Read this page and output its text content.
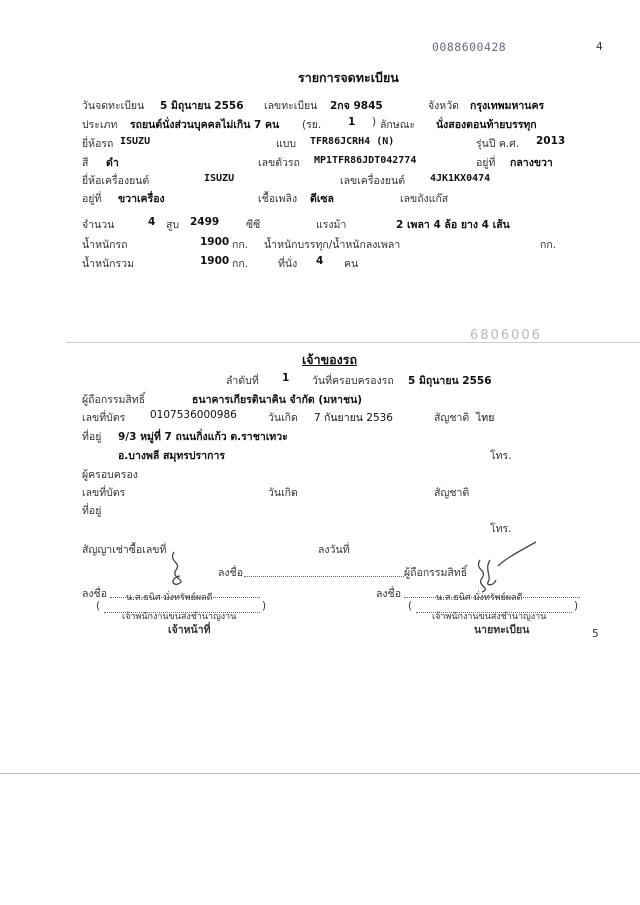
0088600428	4
รายการจดทะเบียน
วันจดทะเบียน 5 มิถุนายน 2556 เลขทะเบียน 2กจ 9845	จังหวัด กรุงเทพมหานคร
ประเภท รถยนต์นั่งส่วนบุคคลไม่เกิน 7 คน (รย.	1 ) ลักษณะ นั่งสองตอนท้ายบรรทุก
ยี่ห้อรถ ISUZU	แบบ TFR86JCRH4 (N)	รุ่นปี ค.ศ. 2013
สี ดำ	เลขตัวรถ MP1TFR86JDT042774	อยู่ที่ กลางขวา
ยี่ห้อเครื่องยนต์	ISUZU	เลขเครื่องยนต์ 4JK1KX0474
อยู่ที่ ขวาเครื่อง	เชื้อเพลิง ดีเซล	เลขถังแก๊ส
จำนวน	4 สูบ 2499	ซีซี	แรงม้า	2 เพลา 4 ล้อ ยาง 4 เส้น
น้ำหนักรถ	1900 กก. น้ำหนักบรรทุก/น้ำหนักลงเพลา	กก.
น้ำหนักรวม	1900 กก.	ที่นั่ง 4 คน
6806006
เจ้าของรถ
ลำดับที่ 1 วันที่ครอบครองรถ 5 มิถุนายน 2556
ผู้ถือกรรมสิทธิ์	ธนาคารเกียรตินาคิน จำกัด (มหาชน)
เลขที่บัตร 0107536000986	วันเกิด 7 กันยายน 2536	สัญชาติ ไทย
ที่อยู่ 9/3 หมู่ที่ 7 ถนนกิ่งแก้ว ต.ราชาเทวะ
อ.บางพลี สมุทรปราการ	โทร.
ผู้ครอบครอง
เลขที่บัตร	วันเกิด	สัญชาติ
ที่อยู่
โทร.
สัญญาเช่าซื้อเลขที่	ลงวันที่
ลงชื่อ	ผู้ถือกรรมสิทธิ์
ลงชื่อ	ลงชื่อ
น.ส.ธนิศ มั่งทรัพย์ผลดี	น.ส.ธนิศ มั่งทรัพย์ผลดี
(	)	(	)
เจ้าพนักงานขนส่งชำนาญงาน	เจ้าพนักงานขนส่งชำนาญงาน
เจ้าหน้าที่	นายทะเบียน	5
